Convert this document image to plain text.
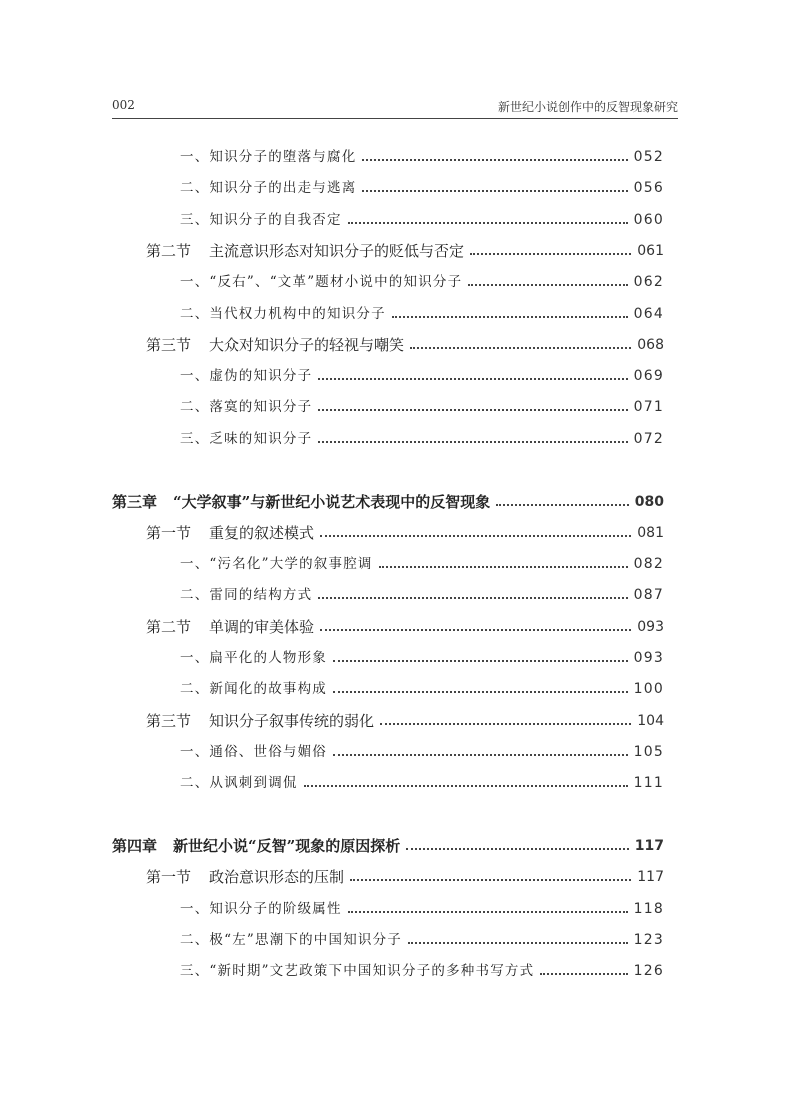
002	新世纪小说创作中的反智现象研究
一、知识分子的堕落与腐化	052
二、知识分子的出走与逃离	056
三、知识分子的自我否定	060
第二节 主流意识形态对知识分子的贬低与否定	061
一、“反右”、“文革”题材小说中的知识分子	062
二、当代权力机构中的知识分子	064
第三节 大众对知识分子的轻视与嘲笑	068
一、虚伪的知识分子	069
二、落寞的知识分子	071
三、乏味的知识分子	072
第三章 “大学叙事”与新世纪小说艺术表现中的反智现象	080
第一节 重复的叙述模式	081
一、“污名化”大学的叙事腔调	082
二、雷同的结构方式	087
第二节 单调的审美体验	093
一、扁平化的人物形象	093
二、新闻化的故事构成	100
第三节 知识分子叙事传统的弱化	104
一、通俗、世俗与媚俗	105
二、从讽刺到调侃	111
第四章 新世纪小说“反智”现象的原因探析	117
第一节 政治意识形态的压制	117
一、知识分子的阶级属性	118
二、极“左”思潮下的中国知识分子	123
三、“新时期”文艺政策下中国知识分子的多种书写方式	126
